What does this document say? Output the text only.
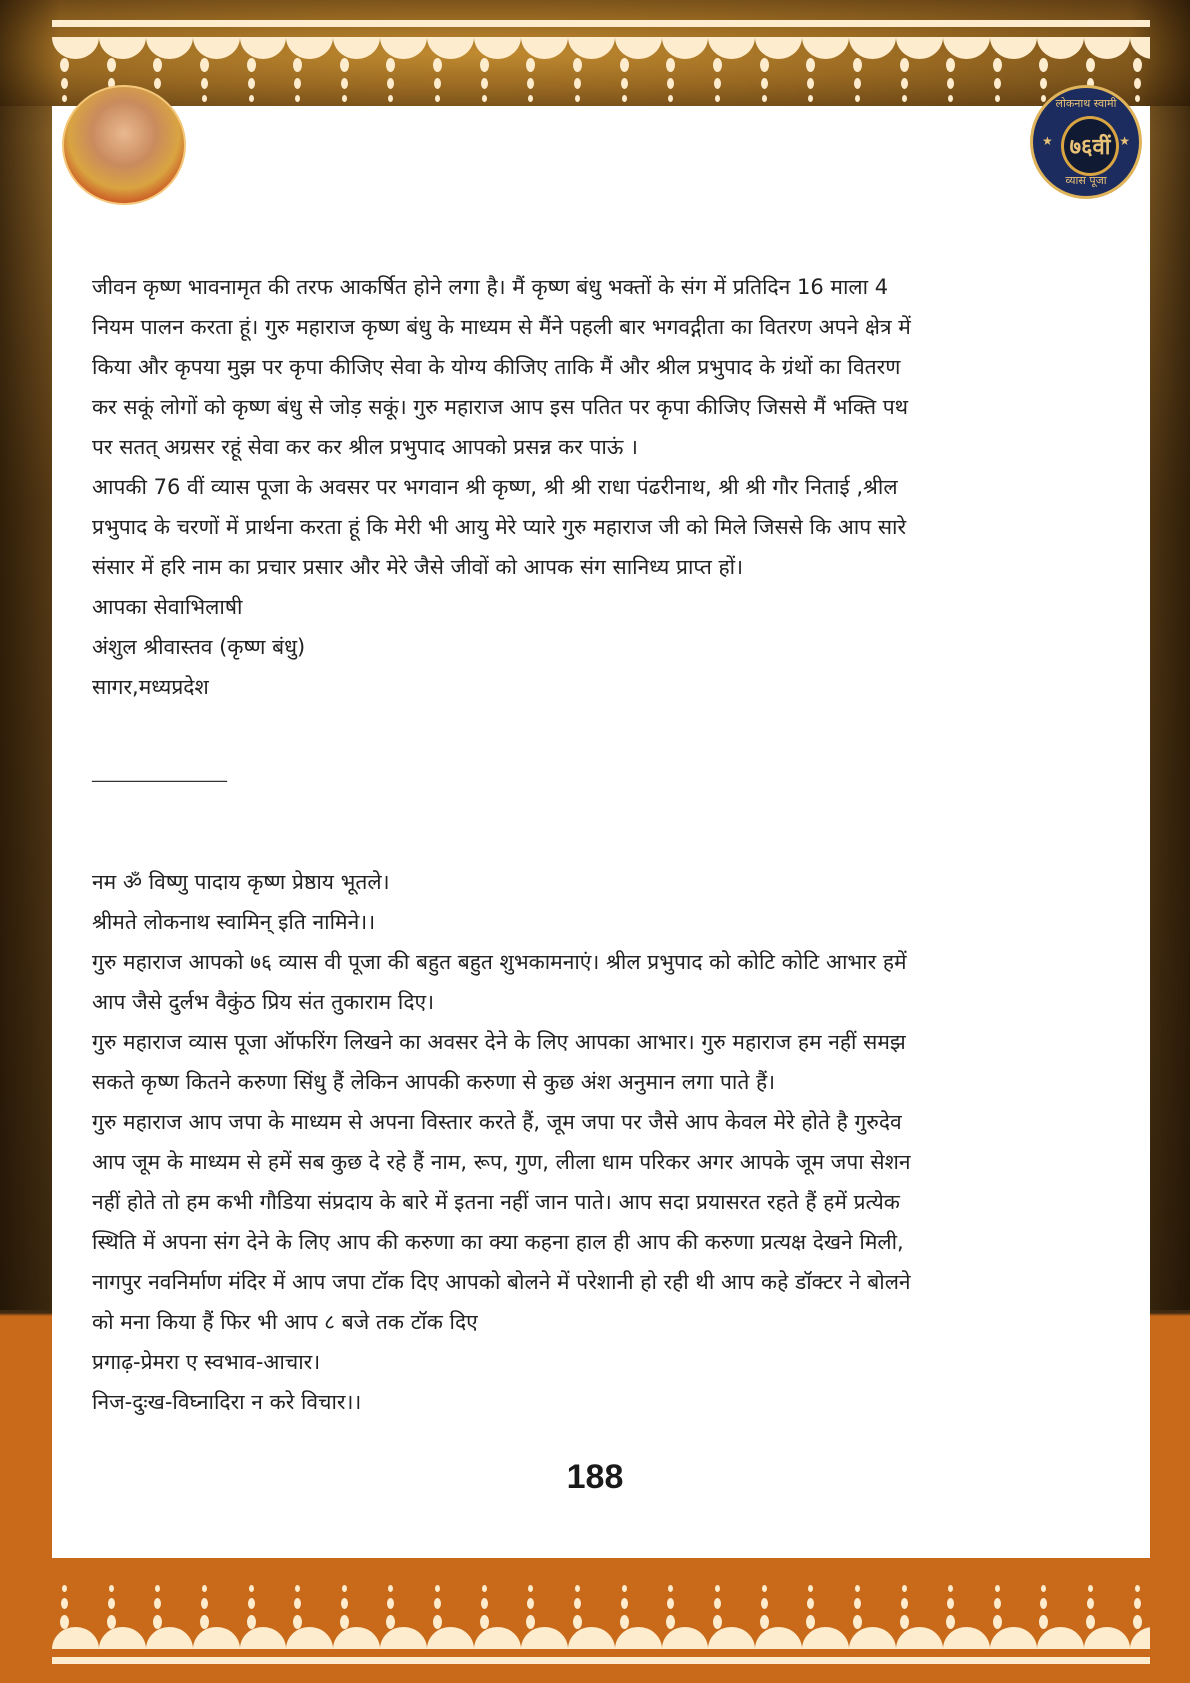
लोकनाथ स्वामी
★	★
७६वीं
व्यास पूजा
जीवन कृष्ण भावनामृत की तरफ आकर्षित होने लगा है। मैं कृष्ण बंधु भक्तों के संग में प्रतिदिन 16 माला 4
नियम पालन करता हूं। गुरु महाराज कृष्ण बंधु के माध्यम से मैंने पहली बार भगवद्गीता का वितरण अपने क्षेत्र में
किया और कृपया मुझ पर कृपा कीजिए सेवा के योग्य कीजिए ताकि मैं और श्रील प्रभुपाद के ग्रंथों का वितरण
कर सकूं लोगों को कृष्ण बंधु से जोड़ सकूं। गुरु महाराज आप इस पतित पर कृपा कीजिए जिससे मैं भक्ति पथ
पर सतत् अग्रसर रहूं सेवा कर कर श्रील प्रभुपाद आपको प्रसन्न कर पाऊं ।
आपकी 76 वीं व्यास पूजा के अवसर पर भगवान श्री कृष्ण, श्री श्री राधा पंढरीनाथ, श्री श्री गौर निताई ,श्रील
प्रभुपाद के चरणों में प्रार्थना करता हूं कि मेरी भी आयु मेरे प्यारे गुरु महाराज जी को मिले जिससे कि आप सारे
संसार में हरि नाम का प्रचार प्रसार और मेरे जैसे जीवों को आपक संग सानिध्य प्राप्त हों।
आपका सेवाभिलाषी
अंशुल श्रीवास्तव (कृष्ण बंधु)
सागर,मध्यप्रदेश
_______________
नम ॐ विष्णु पादाय कृष्ण प्रेष्ठाय भूतले।
श्रीमते लोकनाथ स्वामिन् इति नामिने।।
गुरु महाराज आपको ७६ व्यास वी पूजा की बहुत बहुत शुभकामनाएं। श्रील प्रभुपाद को कोटि कोटि आभार हमें
आप जैसे दुर्लभ वैकुंठ प्रिय संत तुकाराम दिए।
गुरु महाराज व्यास पूजा ऑफरिंग लिखने का अवसर देने के लिए आपका आभार। गुरु महाराज हम नहीं समझ
सकते कृष्ण कितने करुणा सिंधु हैं लेकिन आपकी करुणा से कुछ अंश अनुमान लगा पाते हैं।
गुरु महाराज आप जपा के माध्यम से अपना विस्तार करते हैं, जूम जपा पर जैसे आप केवल मेरे होते है गुरुदेव
आप जूम के माध्यम से हमें सब कुछ दे रहे हैं नाम, रूप, गुण, लीला धाम परिकर अगर आपके जूम जपा सेशन
नहीं होते तो हम कभी गौडिया संप्रदाय के बारे में इतना नहीं जान पाते। आप सदा प्रयासरत रहते हैं हमें प्रत्येक
स्थिति में अपना संग देने के लिए आप की करुणा का क्या कहना हाल ही आप की करुणा प्रत्यक्ष देखने मिली,
नागपुर नवनिर्माण मंदिर में आप जपा टॉक दिए आपको बोलने में परेशानी हो रही थी आप कहे डॉक्टर ने बोलने
को मना किया हैं फिर भी आप ८ बजे तक टॉक दिए
प्रगाढ़-प्रेमरा ए स्वभाव-आचार।
निज-दुःख-विघ्नादिरा न करे विचार।।
188
